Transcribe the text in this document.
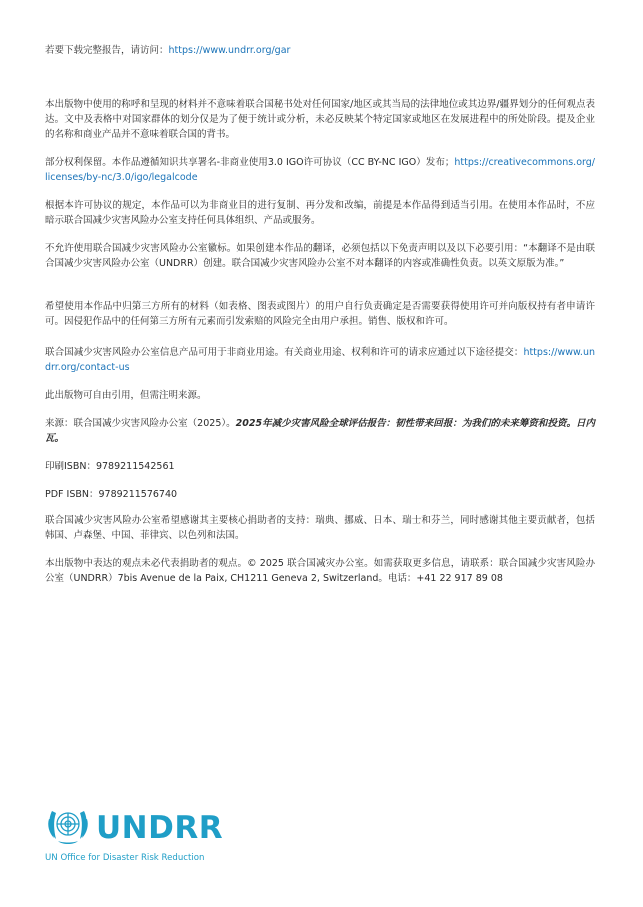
若要下载完整报告，请访问：https://www.undrr.org/gar

本出版物中使用的称呼和呈现的材料并不意味着联合国秘书处对任何国家/地区或其当局的法律地位或其边界/疆界划分的任何观点表达。文中及表格中对国家群体的划分仅是为了便于统计或分析，未必反映某个特定国家或地区在发展进程中的所处阶段。提及企业的名称和商业产品并不意味着联合国的背书。

部分权利保留。本作品遵循知识共享署名-非商业使用3.0 IGO许可协议（CC BY-NC IGO）发布；https://creativecommons.org/licenses/by-nc/3.0/igo/legalcode

根据本许可协议的规定，本作品可以为非商业目的进行复制、再分发和改编，前提是本作品得到适当引用。在使用本作品时，不应暗示联合国减少灾害风险办公室支持任何具体组织、产品或服务。

不允许使用联合国减少灾害风险办公室徽标。如果创建本作品的翻译，必须包括以下免责声明以及以下必要引用：“本翻译不是由联合国减少灾害风险办公室（UNDRR）创建。联合国减少灾害风险办公室不对本翻译的内容或准确性负责。以英文原版为准。”

希望使用本作品中归第三方所有的材料（如表格、图表或图片）的用户自行负责确定是否需要获得使用许可并向版权持有者申请许可。因侵犯作品中的任何第三方所有元素而引发索赔的风险完全由用户承担。销售、版权和许可。

联合国减少灾害风险办公室信息产品可用于非商业用途。有关商业用途、权利和许可的请求应通过以下途径提交：https://www.undrr.org/contact-us

此出版物可自由引用，但需注明来源。

来源：联合国减少灾害风险办公室（2025）。2025年减少灾害风险全球评估报告：韧性带来回报：为我们的未来筹资和投资。日内瓦。

印刷ISBN：9789211542561

PDF ISBN：9789211576740

联合国减少灾害风险办公室希望感谢其主要核心捐助者的支持：瑞典、挪威、日本、瑞士和芬兰，同时感谢其他主要贡献者，包括韩国、卢森堡、中国、菲律宾、以色列和法国。

本出版物中表达的观点未必代表捐助者的观点。© 2025 联合国减灾办公室。如需获取更多信息，请联系：联合国减少灾害风险办公室（UNDRR）7bis Avenue de la Paix, CH1211 Geneva 2, Switzerland。电话：+41 22 917 89 08

UNDRR
UN Office for Disaster Risk Reduction
